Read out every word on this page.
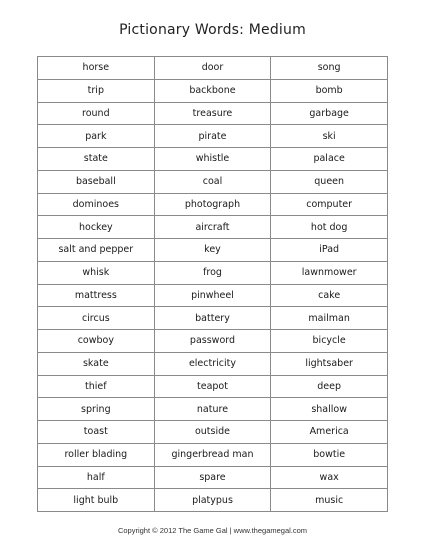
Pictionary Words: Medium
horse	door	song
trip	backbone	bomb
round	treasure	garbage
park	pirate	ski
state	whistle	palace
baseball	coal	queen
dominoes	photograph	computer
hockey	aircraft	hot dog
salt and pepper	key	iPad
whisk	frog	lawnmower
mattress	pinwheel	cake
circus	battery	mailman
cowboy	password	bicycle
skate	electricity	lightsaber
thief	teapot	deep
spring	nature	shallow
toast	outside	America
roller blading	gingerbread man	bowtie
half	spare	wax
light bulb	platypus	music
Copyright © 2012 The Game Gal | www.thegamegal.com
